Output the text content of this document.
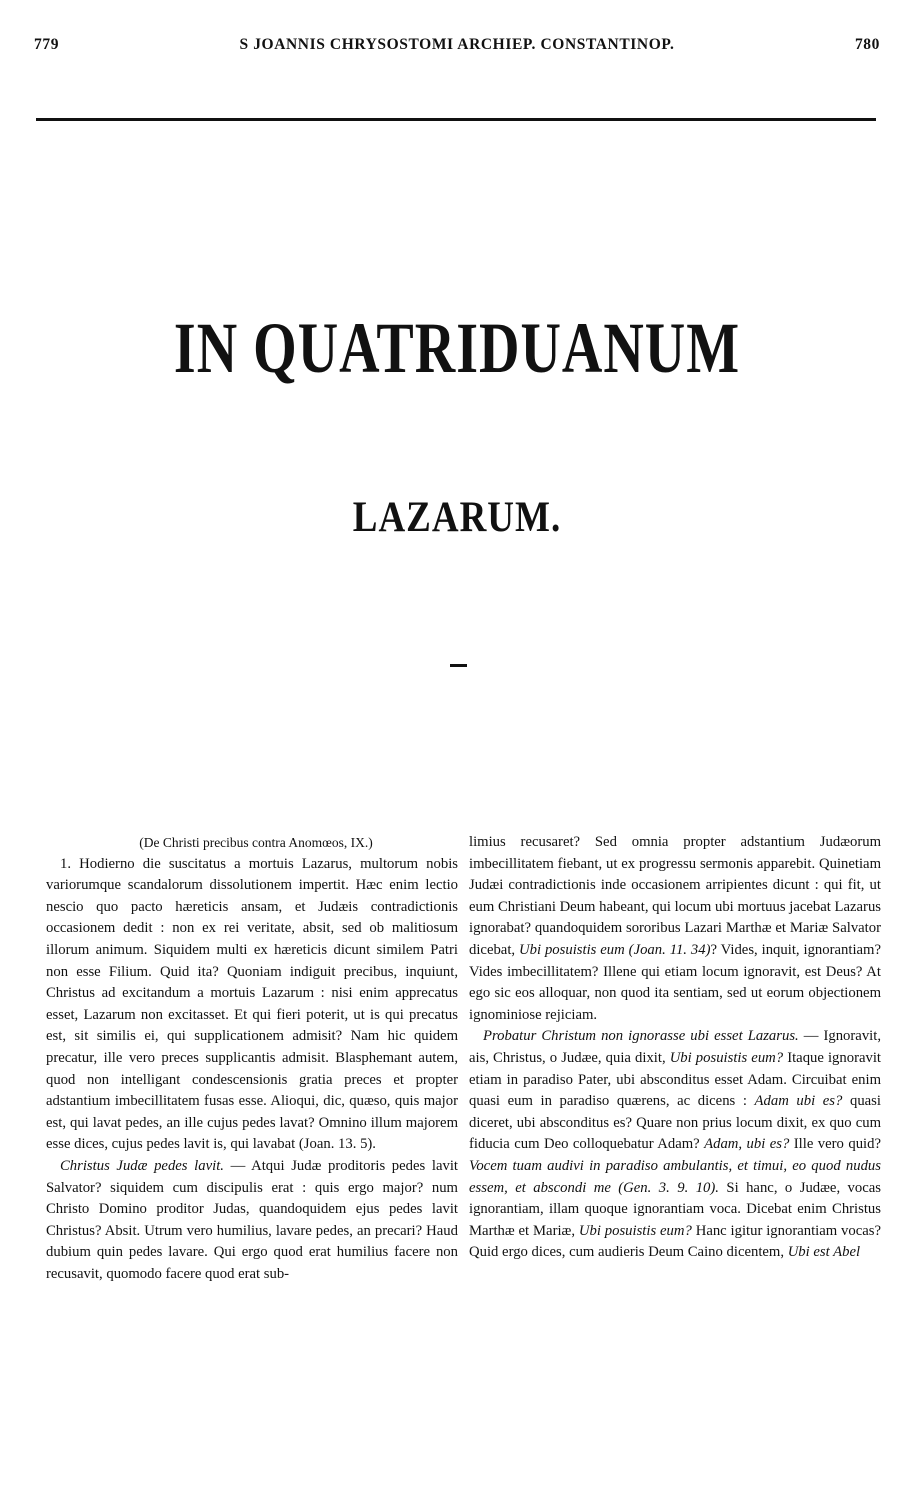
779	S JOANNIS CHRYSOSTOMI ARCHIEP. CONSTANTINOP.	780
IN QUATRIDUANUM
LAZARUM.

(De Christi precibus contra Anomœos, IX.)

1. Hodierno die suscitatus a mortuis Lazarus, multorum nobis variorumque scandalorum dissolutionem impertit. Hæc enim lectio nescio quo pacto hæreticis ansam, et Judæis contradictionis occasionem dedit : non ex rei veritate, absit, sed ob malitiosum illorum animum. Siquidem multi ex hæreticis dicunt similem Patri non esse Filium. Quid ita? Quoniam indiguit precibus, inquiunt, Christus ad excitandum a mortuis Lazarum : nisi enim apprecatus esset, Lazarum non excitasset. Et qui fieri poterit, ut is qui precatus est, sit similis ei, qui supplicationem admisit? Nam hic quidem precatur, ille vero preces supplicantis admisit. Blasphemant autem, quod non intelligant condescensionis gratia preces et propter adstantium imbecillitatem fusas esse. Alioqui, dic, quæso, quis major est, qui lavat pedes, an ille cujus pedes lavat? Omnino illum majorem esse dices, cujus pedes lavit is, qui lavabat (Joan. 13. 5).

Christus Judæ pedes lavit. — Atqui Judæ proditoris pedes lavit Salvator? siquidem cum discipulis erat : quis ergo major? num Christo Domino proditor Judas, quandoquidem ejus pedes lavit Christus? Absit. Utrum vero humilius, lavare pedes, an precari? Haud dubium quin pedes lavare. Qui ergo quod erat humilius facere non recusavit, quomodo facere quod erat sub-

limius recusaret? Sed omnia propter adstantium Judæorum imbecillitatem fiebant, ut ex progressu sermonis apparebit. Quinetiam Judæi contradictionis inde occasionem arripientes dicunt : qui fit, ut eum Christiani Deum habeant, qui locum ubi mortuus jacebat Lazarus ignorabat? quandoquidem sororibus Lazari Marthæ et Mariæ Salvator dicebat, Ubi posuistis eum (Joan. 11. 34)? Vides, inquit, ignorantiam? Vides imbecillitatem? Illene qui etiam locum ignoravit, est Deus? At ego sic eos alloquar, non quod ita sentiam, sed ut eorum objectionem ignominiose rejiciam.

Probatur Christum non ignorasse ubi esset Lazarus. — Ignoravit, ais, Christus, o Judæe, quia dixit, Ubi posuistis eum? Itaque ignoravit etiam in paradiso Pater, ubi absconditus esset Adam. Circuibat enim quasi eum in paradiso quærens, ac dicens : Adam ubi es? quasi diceret, ubi absconditus es? Quare non prius locum dixit, ex quo cum fiducia cum Deo colloquebatur Adam? Adam, ubi es? Ille vero quid? Vocem tuam audivi in paradiso ambulantis, et timui, eo quod nudus essem, et abscondi me (Gen. 3. 9. 10). Si hanc, o Judæe, vocas ignorantiam, illam quoque ignorantiam voca. Dicebat enim Christus Marthæ et Mariæ, Ubi posuistis eum? Hanc igitur ignorantiam vocas? Quid ergo dices, cum audieris Deum Caino dicentem, Ubi est Abel
